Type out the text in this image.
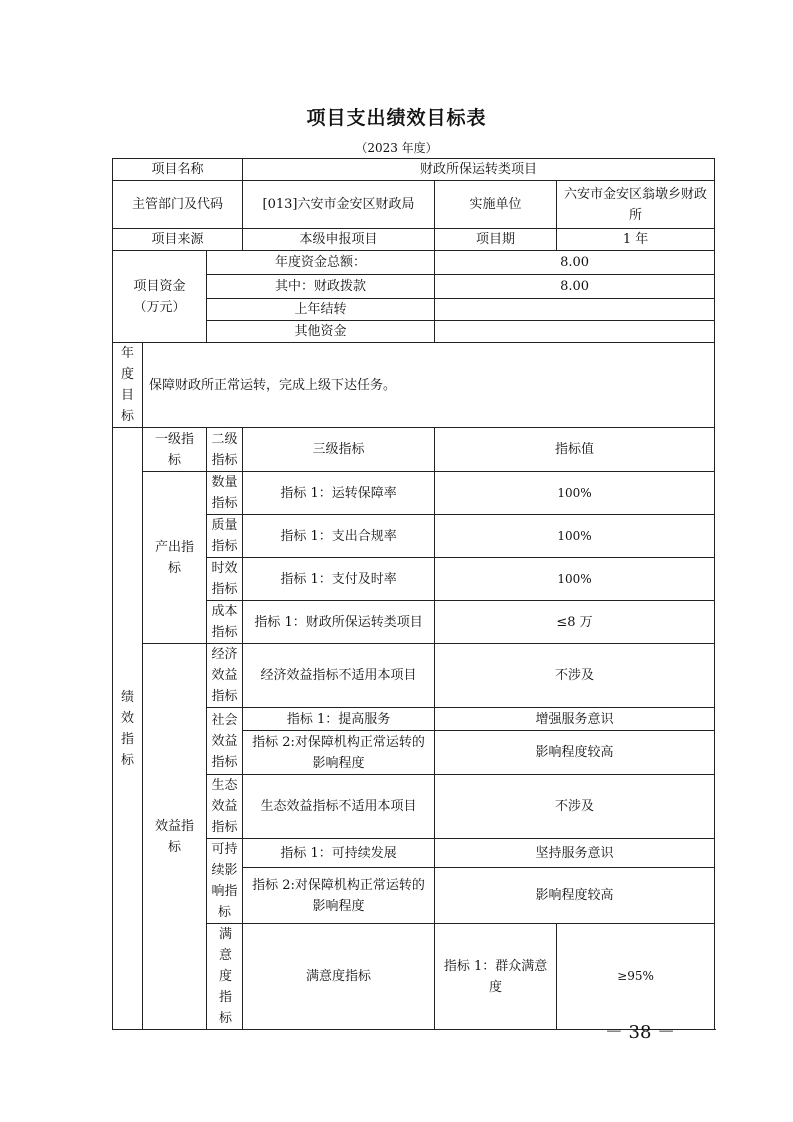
项目支出绩效目标表
（2023 年度）
项目名称			财政所保运转类项目		
主管部门及代码			[013]六安市金安区财政局	实施单位	六安市金安区翁墩乡财政所
项目来源			本级申报项目	项目期	1 年
项目资金（万元）		年度资金总额：		8.00	
		其中：财政拨款		8.00	
		上年结转			
		其他资金			
年度目标	保障财政所正常运转，完成上级下达任务。				
绩效指标	一级指标	二级指标	三级指标	指标值	
	产出指标	数量指标	指标 1：运转保障率	100%	
		质量指标	指标 1：支出合规率	100%	
		时效指标	指标 1：支付及时率	100%	
		成本指标	指标 1：财政所保运转类项目	≤8 万	
	效益指标	经济效益指标	经济效益指标不适用本项目	不涉及	
		社会效益指标	指标 1：提高服务	增强服务意识	
			指标 2:对保障机构正常运转的影响程度	影响程度较高	
		生态效益指标	生态效益指标不适用本项目	不涉及	
		可持续影响指标	指标 1：可持续发展	坚持服务意识	
			指标 2:对保障机构正常运转的影响程度	影响程度较高	
		满意度指标	满意度指标	指标 1：群众满意度	≥95%
－ 38 －
